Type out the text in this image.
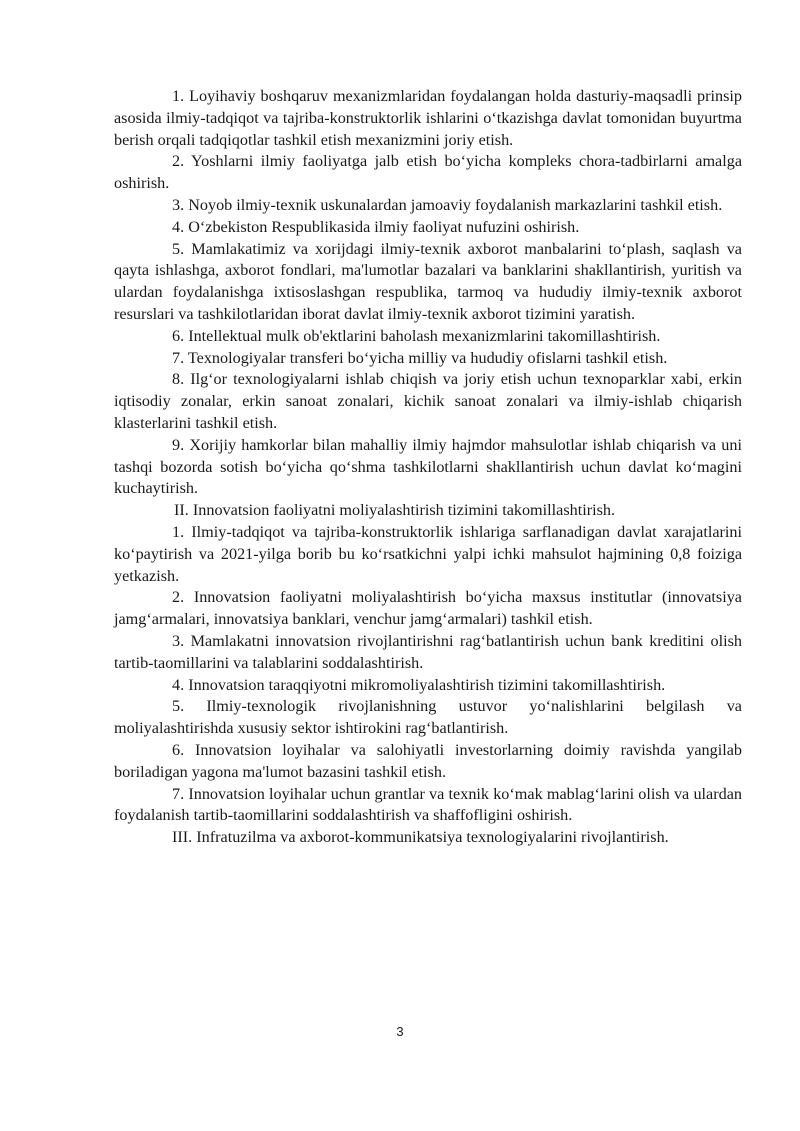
1. Loyihaviy boshqaruv mexanizmlaridan foydalangan holda dasturiy-maqsadli prinsip asosida ilmiy-tadqiqot va tajriba-konstruktorlik ishlarini oʻtkazishga davlat tomonidan buyurtma berish orqali tadqiqotlar tashkil etish mexanizmini joriy etish.

2. Yoshlarni ilmiy faoliyatga jalb etish boʻyicha kompleks chora-tadbirlarni amalga oshirish.

3. Noyob ilmiy-texnik uskunalardan jamoaviy foydalanish markazlarini tashkil etish.

4. Oʻzbekiston Respublikasida ilmiy faoliyat nufuzini oshirish.

5. Mamlakatimiz va xorijdagi ilmiy-texnik axborot manbalarini toʻplash, saqlash va qayta ishlashga, axborot fondlari, ma'lumotlar bazalari va banklarini shakllantirish, yuritish va ulardan foydalanishga ixtisoslashgan respublika, tarmoq va hududiy ilmiy-texnik axborot resurslari va tashkilotlaridan iborat davlat ilmiy-texnik axborot tizimini yaratish.

6. Intellektual mulk ob'ektlarini baholash mexanizmlarini takomillashtirish.

7. Texnologiyalar transferi boʻyicha milliy va hududiy ofislarni tashkil etish.

8. Ilgʻor texnologiyalarni ishlab chiqish va joriy etish uchun texnoparklar xabi, erkin iqtisodiy zonalar, erkin sanoat zonalari, kichik sanoat zonalari va ilmiy-ishlab chiqarish klasterlarini tashkil etish.

9. Xorijiy hamkorlar bilan mahalliy ilmiy hajmdor mahsulotlar ishlab chiqarish va uni tashqi bozorda sotish boʻyicha qoʻshma tashkilotlarni shakllantirish uchun davlat koʻmagini kuchaytirish.

II. Innovatsion faoliyatni moliyalashtirish tizimini takomillashtirish.

1. Ilmiy-tadqiqot va tajriba-konstruktorlik ishlariga sarflanadigan davlat xarajatlarini koʻpaytirish va 2021-yilga borib bu koʻrsatkichni yalpi ichki mahsulot hajmining 0,8 foiziga yetkazish.

2. Innovatsion faoliyatni moliyalashtirish boʻyicha maxsus institutlar (innovatsiya jamgʻarmalari, innovatsiya banklari, venchur jamgʻarmalari) tashkil etish.

3. Mamlakatni innovatsion rivojlantirishni ragʻbatlantirish uchun bank kreditini olish tartib-taomillarini va talablarini soddalashtirish.

4. Innovatsion taraqqiyotni mikromoliyalashtirish tizimini takomillashtirish.

5. Ilmiy-texnologik rivojlanishning ustuvor yoʻnalishlarini belgilash va moliyalashtirishda xususiy sektor ishtirokini ragʻbatlantirish.

6. Innovatsion loyihalar va salohiyatli investorlarning doimiy ravishda yangilab boriladigan yagona ma'lumot bazasini tashkil etish.

7. Innovatsion loyihalar uchun grantlar va texnik koʻmak mablagʻlarini olish va ulardan foydalanish tartib-taomillarini soddalashtirish va shaffofligini oshirish.

III. Infratuzilma va axborot-kommunikatsiya texnologiyalarini rivojlantirish.

3
